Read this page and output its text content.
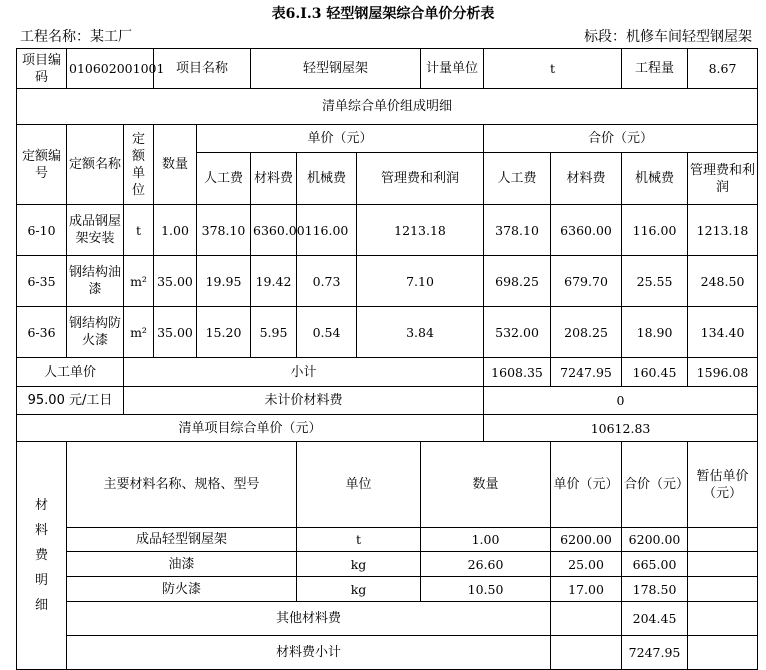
表6.Ⅰ.3 轻型钢屋架综合单价分析表
工程名称：某工厂	标段：机修车间轻型钢屋架
项目编码	010602001001		项目名称		轻型钢屋架			计量单位	t		工程量	8.67	
清单综合单价组成明细													
定额编号	定额名称	定额单位	数量	单价（元）					合价（元）				
				人工费	材料费	机械费	管理费和利润		人工费	材料费	机械费	管理费和利润	
6-10	成品钢屋架安装	t	1.00	378.10	6360.00	116.00	1213.18		378.10	6360.00	116.00	1213.18	
6-35	钢结构油漆	m²	35.00	19.95	19.42	0.73	7.10		698.25	679.70	25.55	248.50	
6-36	钢结构防火漆	m²	35.00	15.20	5.95	0.54	3.84		532.00	208.25	18.90	134.40	
人工单价		小计							1608.35	7247.95	160.45	1596.08	
95.00 元/工日		未计价材料费							0				
清单项目综合单价（元）									10612.83				
材料费明细	主要材料名称、规格、型号					单位		数量		单价（元）	合价（元）	暂估单价（元）	
	成品轻型钢屋架					t		1.00		6200.00	6200.00		
	油漆					kg		26.60		25.00	665.00		
	防火漆					kg		10.50		17.00	178.50		
	其他材料费										204.45		
	材料费小计										7247.95		
